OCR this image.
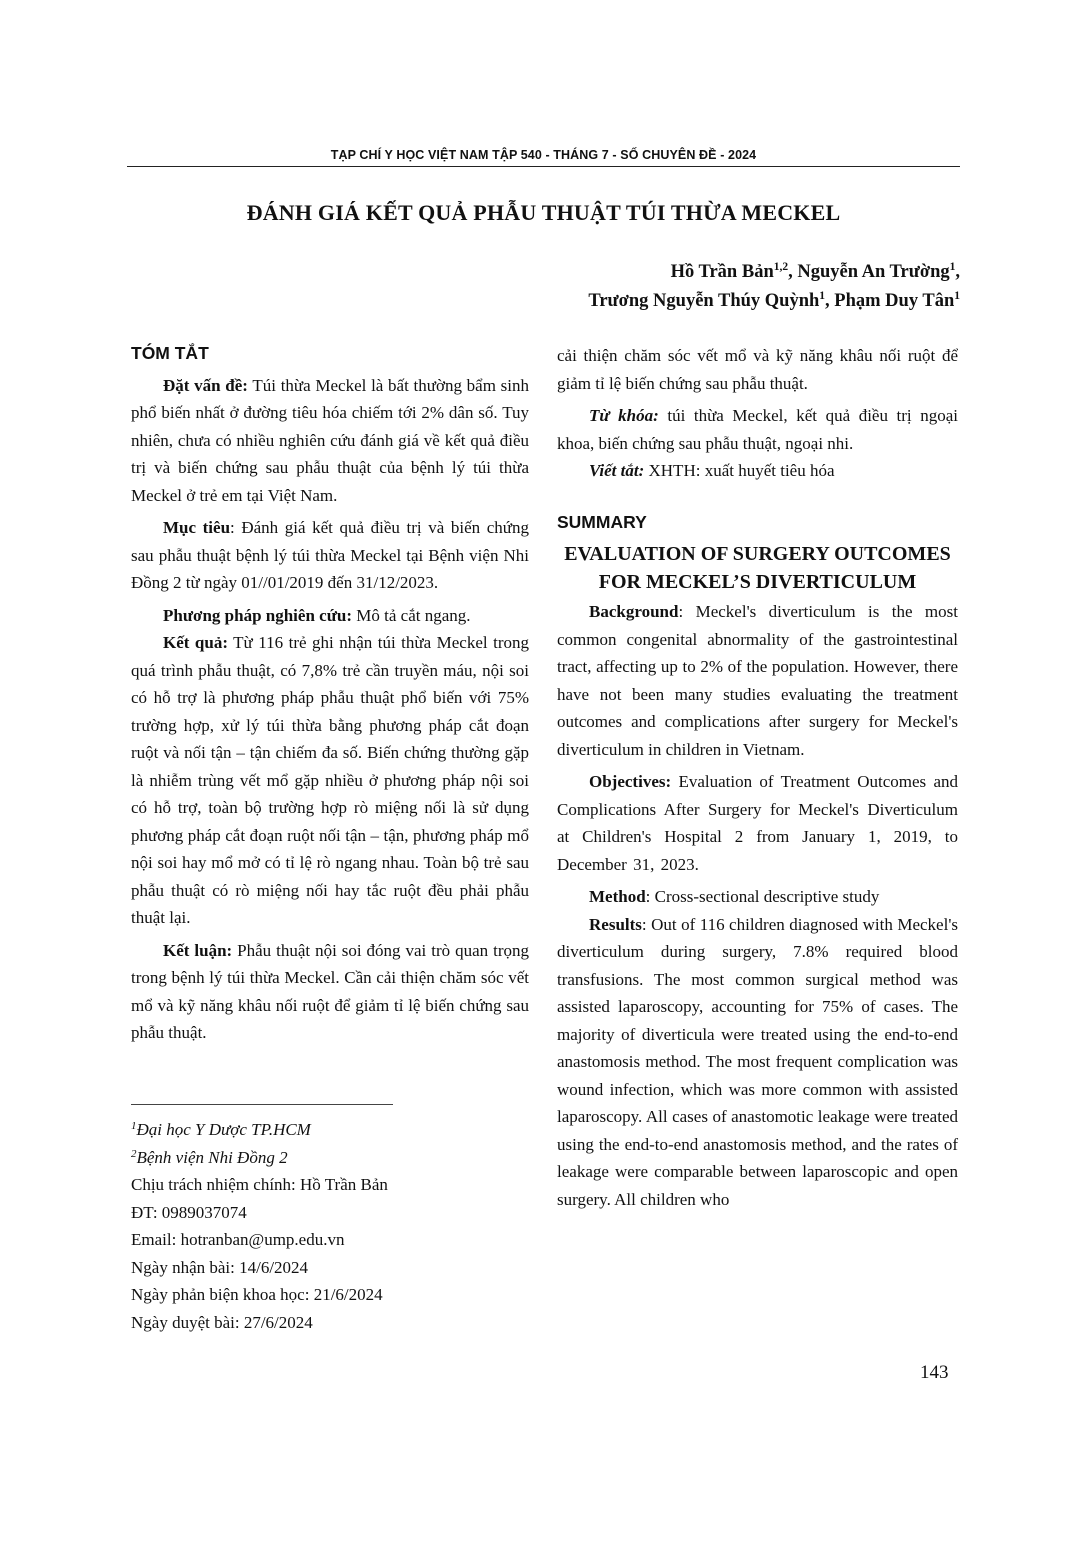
TẠP CHÍ Y HỌC VIỆT NAM TẬP 540 - THÁNG 7 - SỐ CHUYÊN ĐỀ - 2024
ĐÁNH GIÁ KẾT QUẢ PHẪU THUẬT TÚI THỪA MECKEL
Hồ Trần Bản$^{1,2}$, Nguyễn An Trường$^1$,
Trương Nguyễn Thúy Quỳnh$^1$, Phạm Duy Tân$^1$
TÓM TẮT

Đặt vấn đề: Túi thừa Meckel là bất thường bẩm sinh phổ biến nhất ở đường tiêu hóa chiếm tới 2% dân số. Tuy nhiên, chưa có nhiều nghiên cứu đánh giá về kết quả điều trị và biến chứng sau phẫu thuật của bệnh lý túi thừa Meckel ở trẻ em tại Việt Nam.

Mục tiêu: Đánh giá kết quả điều trị và biến chứng sau phẫu thuật bệnh lý túi thừa Meckel tại Bệnh viện Nhi Đồng 2 từ ngày 01//01/2019 đến 31/12/2023.

Phương pháp nghiên cứu: Mô tả cắt ngang.

Kết quả: Từ 116 trẻ ghi nhận túi thừa Meckel trong quá trình phẫu thuật, có 7,8% trẻ cần truyền máu, nội soi có hỗ trợ là phương pháp phẫu thuật phổ biến với 75% trường hợp, xử lý túi thừa bằng phương pháp cắt đoạn ruột và nối tận – tận chiếm đa số. Biến chứng thường gặp là nhiễm trùng vết mổ gặp nhiều ở phương pháp nội soi có hỗ trợ, toàn bộ trường hợp rò miệng nối là sử dụng phương pháp cắt đoạn ruột nối tận – tận, phương pháp mổ nội soi hay mổ mở có tỉ lệ rò ngang nhau. Toàn bộ trẻ sau phẫu thuật có rò miệng nối hay tắc ruột đều phải phẫu thuật lại.

Kết luận: Phẫu thuật nội soi đóng vai trò quan trọng trong bệnh lý túi thừa Meckel. Cần cải thiện chăm sóc vết mổ và kỹ năng khâu nối ruột để giảm tỉ lệ biến chứng sau phẫu thuật.

$^1$Đại học Y Dược TP.HCM

$^2$Bệnh viện Nhi Đồng 2

Chịu trách nhiệm chính: Hồ Trần Bản

ĐT: 0989037074

Email: hotranban@ump.edu.vn

Ngày nhận bài: 14/6/2024

Ngày phản biện khoa học: 21/6/2024

Ngày duyệt bài: 27/6/2024

cải thiện chăm sóc vết mổ và kỹ năng khâu nối ruột để giảm tỉ lệ biến chứng sau phẫu thuật.

Từ khóa: túi thừa Meckel, kết quả điều trị ngoại khoa, biến chứng sau phẫu thuật, ngoại nhi.

Viết tắt: XHTH: xuất huyết tiêu hóa

SUMMARY
EVALUATION OF SURGERY OUTCOMES FOR MECKEL’S DIVERTICULUM

Background: Meckel's diverticulum is the most common congenital abnormality of the gastrointestinal tract, affecting up to 2% of the population. However, there have not been many studies evaluating the treatment outcomes and complications after surgery for Meckel's diverticulum in children in Vietnam.

Objectives: Evaluation of Treatment Outcomes and Complications After Surgery for Meckel's Diverticulum at Children's Hospital 2 from January 1, 2019, to December 31, 2023.

Method: Cross-sectional descriptive study

Results: Out of 116 children diagnosed with Meckel's diverticulum during surgery, 7.8% required blood transfusions. The most common surgical method was assisted laparoscopy, accounting for 75% of cases. The majority of diverticula were treated using the end-to-end anastomosis method. The most frequent complication was wound infection, which was more common with assisted laparoscopy. All cases of anastomotic leakage were treated using the end-to-end anastomosis method, and the rates of leakage were comparable between laparoscopic and open surgery. All children who

143
